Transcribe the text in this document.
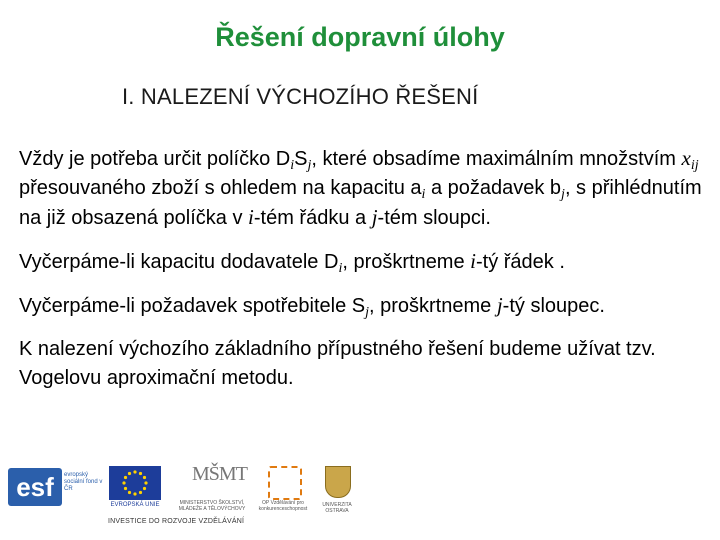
Řešení dopravní úlohy
I. NALEZENÍ VÝCHOZÍHO ŘEŠENÍ

Vždy je potřeba určit políčko $D_iS_j$, které obsadíme maximálním množstvím $x_{ij}$ přesouvaného zboží s ohledem na kapacitu $a_i$ a požadavek $b_j$, s přihlédnutím na již obsazená políčka v i-tém řádku a j-tém sloupci.

Vyčerpáme-li kapacitu dodavatele $D_i$, proškrtneme i-tý řádek .

Vyčerpáme-li požadavek spotřebitele $S_j$, proškrtneme j-tý sloupec.

K nalezení výchozího základního přípustného řešení budeme užívat tzv. Vogelovu aproximační metodu.

esf	evropský sociální fond v ČR
EVROPSKÁ UNIE
MŠMT
MINISTERSTVO ŠKOLSTVÍ, MLÁDEŽE A TĚLOVÝCHOVY
OP Vzdělávání pro konkurenceschopnost
UNIVERZITA OSTRAVA
INVESTICE DO ROZVOJE VZDĚLÁVÁNÍ
